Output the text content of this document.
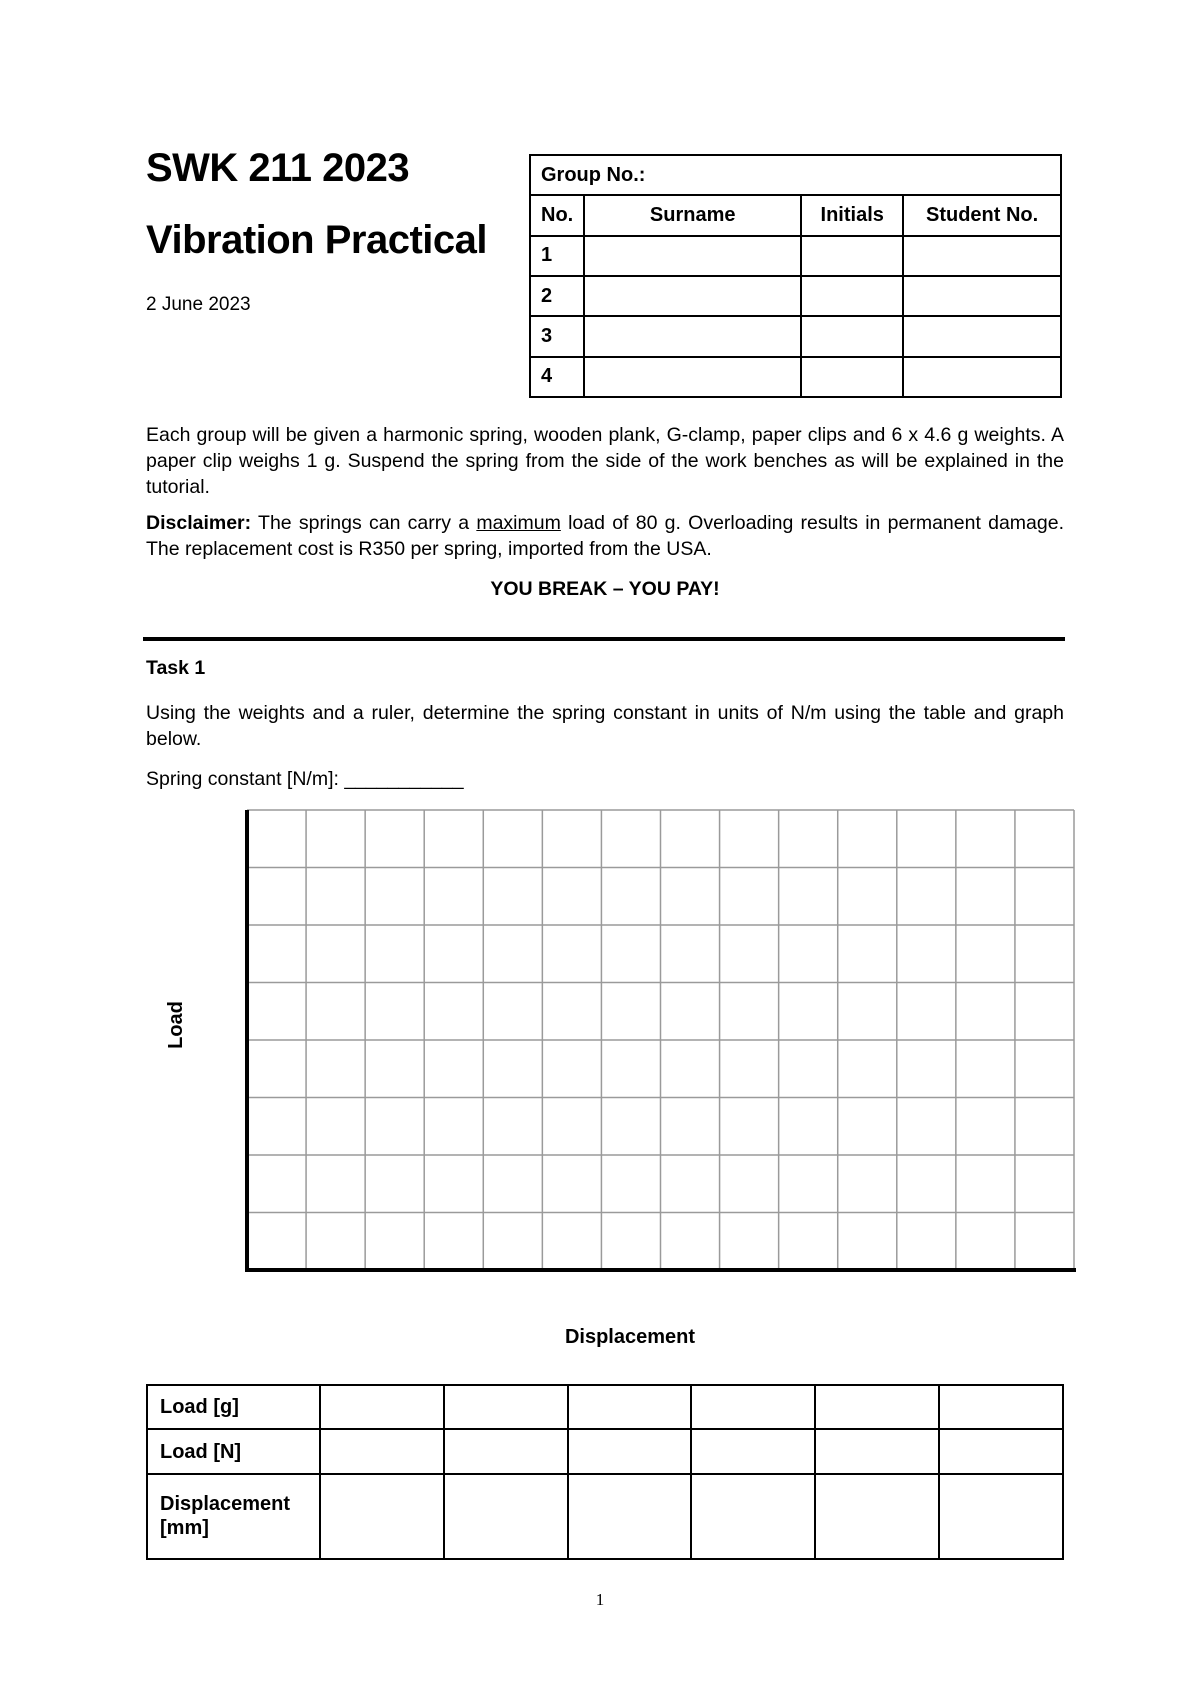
SWK 211 2023
Vibration Practical
2 June 2023
Group No.:			
No.	Surname	Initials	Student No.
1			
2			
3			
4			
Each group will be given a harmonic spring, wooden plank, G-clamp, paper clips and 6 x 4.6 g weights. A paper clip weighs 1 g. Suspend the spring from the side of the work benches as will be explained in the tutorial.
Disclaimer: The springs can carry a maximum load of 80 g. Overloading results in permanent damage. The replacement cost is R350 per spring, imported from the USA.
YOU BREAK – YOU PAY!
Task 1
Using the weights and a ruler, determine the spring constant in units of N/m using the table and graph below.
Spring constant [N/m]: ___________
Load
Displacement
Load [g]						
Load [N]						
Displacement [mm]						
1
